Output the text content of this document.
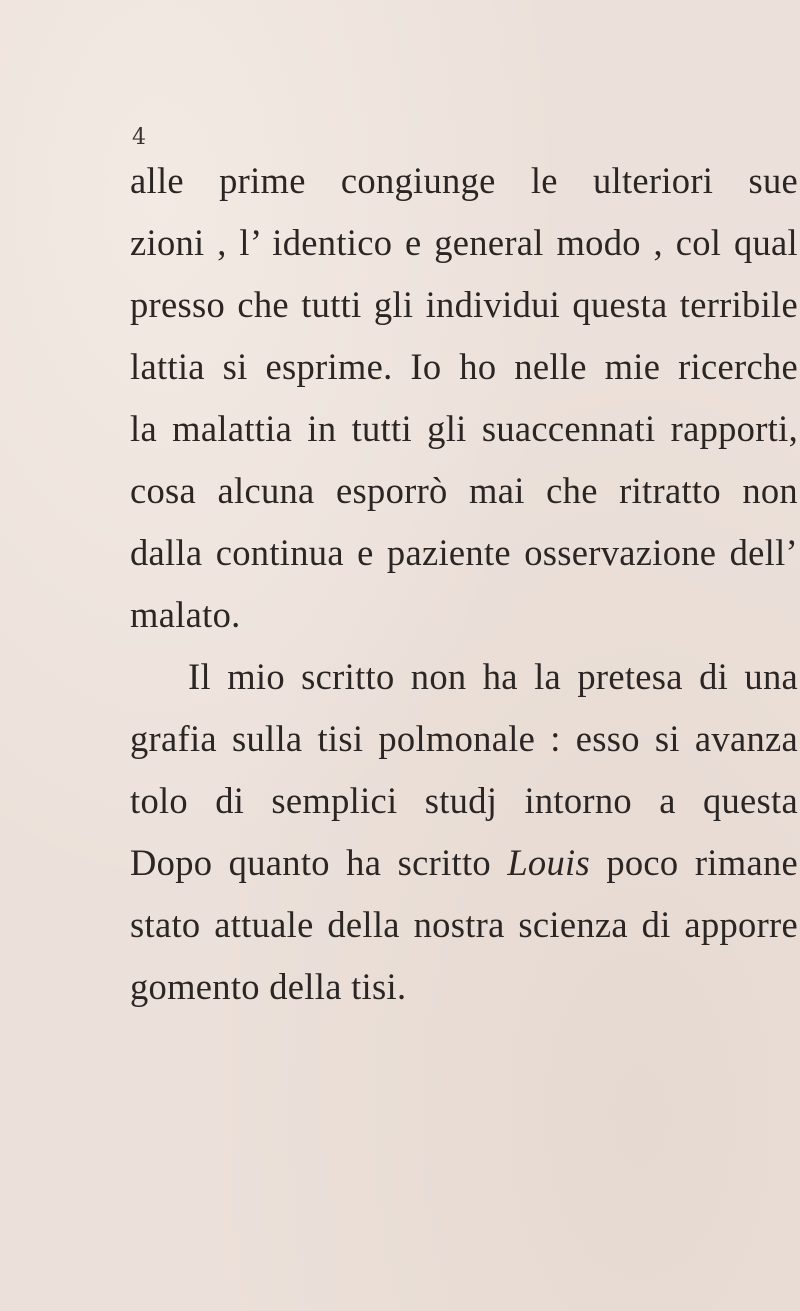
4
alle prime congiunge le ulteriori sue
zioni , l’ identico e general modo , col qual
presso che tutti gli individui questa terribile
lattia si esprime. Io ho nelle mie ricerche
la malattia in tutti gli suaccennati rapporti,
cosa alcuna esporrò mai che ritratto non
dalla continua e paziente osservazione dell’
malato.
Il mio scritto non ha la pretesa di una
grafia sulla tisi polmonale : esso si avanza
tolo di semplici studj intorno a questa
Dopo quanto ha scritto Louis poco rimane
stato attuale della nostra scienza di apporre
gomento della tisi.
